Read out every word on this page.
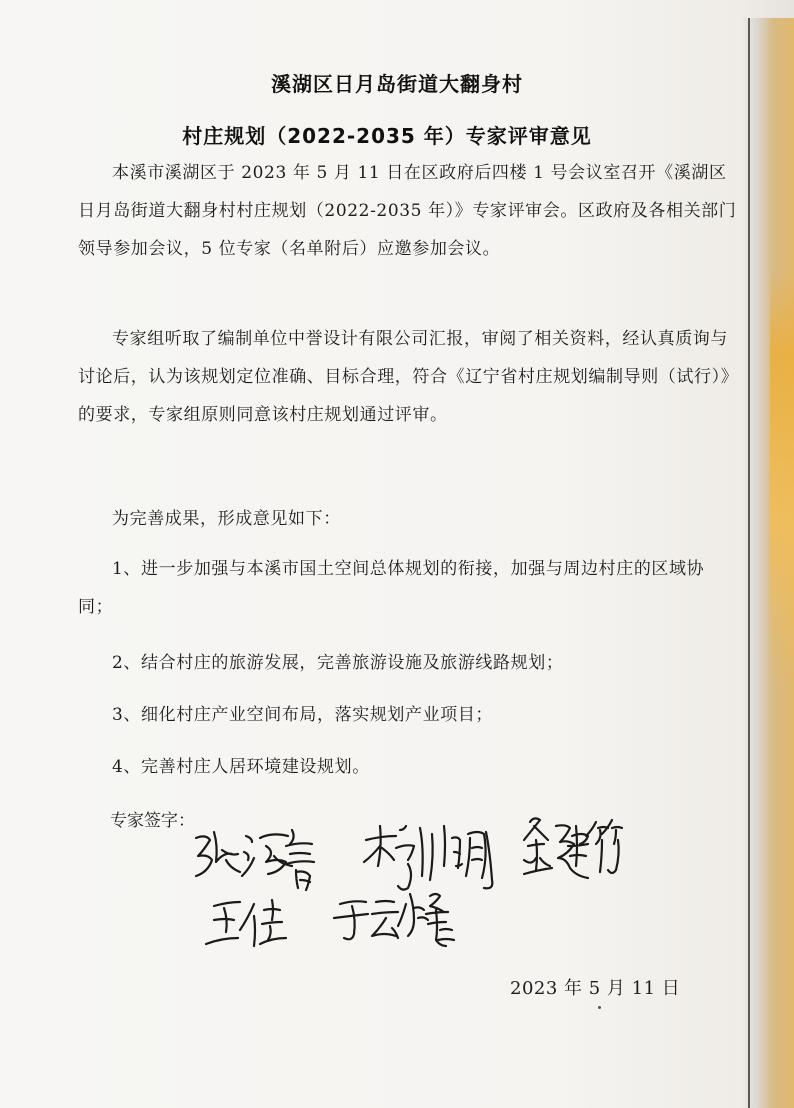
溪湖区日月岛街道大翻身村
村庄规划（2022-2035 年）专家评审意见

本溪市溪湖区于 2023 年 5 月 11 日在区政府后四楼 1 号会议室召开《溪湖区日月岛街道大翻身村村庄规划（2022-2035 年）》专家评审会。区政府及各相关部门领导参加会议，5 位专家（名单附后）应邀参加会议。

专家组听取了编制单位中誉设计有限公司汇报，审阅了相关资料，经认真质询与讨论后，认为该规划定位准确、目标合理，符合《辽宁省村庄规划编制导则（试行）》的要求，专家组原则同意该村庄规划通过评审。

为完善成果，形成意见如下：

1、进一步加强与本溪市国土空间总体规划的衔接，加强与周边村庄的区域协同；

2、结合村庄的旅游发展，完善旅游设施及旅游线路规划；

3、细化村庄产业空间布局，落实规划产业项目；

4、完善村庄人居环境建设规划。

专家签字：
2023 年 5 月 11 日
